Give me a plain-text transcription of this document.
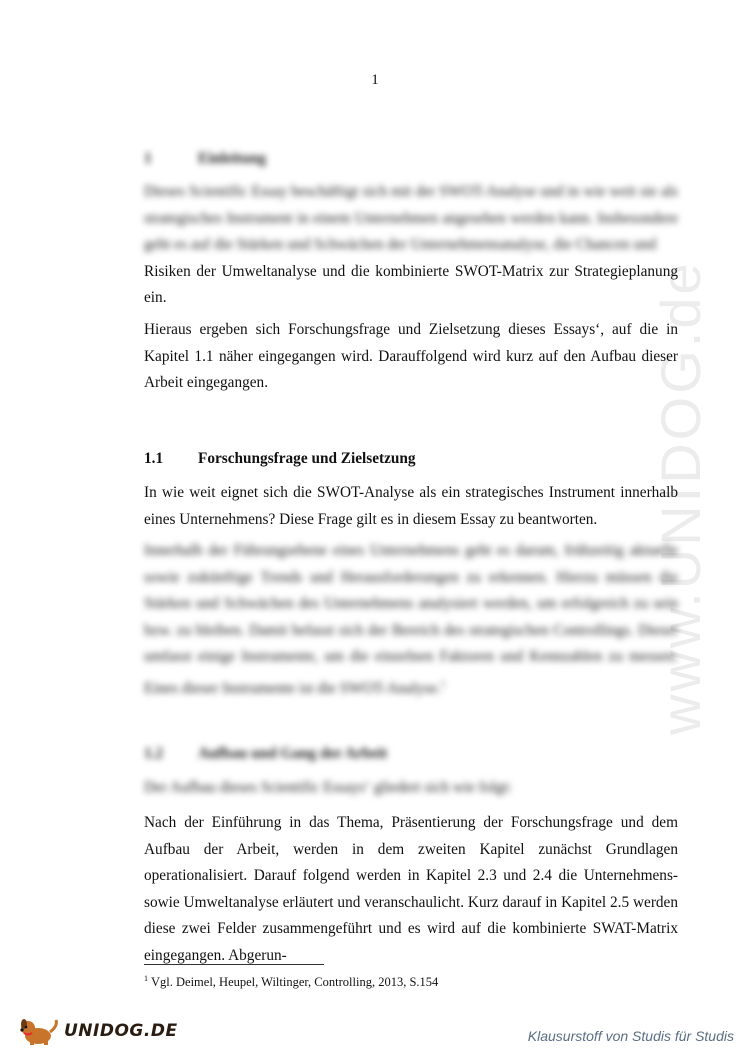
www.UNIDOG.de
1
1	Einleitung

Dieses Scientific Essay beschäftigt sich mit der SWOT-Analyse und in wie weit sie als strategisches Instrument in einem Unternehmen angesehen werden kann. Insbesondere geht es auf die Stärken und Schwächen der Unternehmensanalyse, die Chancen und

Risiken der Umweltanalyse und die kombinierte SWOT-Matrix zur Strategieplanung ein.

Hieraus ergeben sich Forschungsfrage und Zielsetzung dieses Essays‘, auf die in Kapitel 1.1 näher eingegangen wird. Darauffolgend wird kurz auf den Aufbau dieser Arbeit eingegangen.

1.1 Forschungsfrage und Zielsetzung

In wie weit eignet sich die SWOT-Analyse als ein strategisches Instrument innerhalb eines Unternehmens? Diese Frage gilt es in diesem Essay zu beantworten.

Innerhalb der Führungsebene eines Unternehmens geht es darum, frühzeitig aktuelle sowie zukünftige Trends und Herausforderungen zu erkennen. Hierzu müssen die Stärken und Schwächen des Unternehmens analysiert werden, um erfolgreich zu sein bzw. zu bleiben. Damit befasst sich der Bereich des strategischen Controllings. Dieser umfasst einige Instrumente, um die einzelnen Faktoren und Kennzahlen zu messen. Eines dieser Instrumente ist die SWOT-Analyse.$^1$

1.2 Aufbau und Gang der Arbeit

Der Aufbau dieses Scientific Essays‘ gliedert sich wie folgt:

Nach der Einführung in das Thema, Präsentierung der Forschungsfrage und dem Aufbau der Arbeit, werden in dem zweiten Kapitel zunächst Grundlagen operationalisiert. Darauf folgend werden in Kapitel 2.3 und 2.4 die Unternehmens- sowie Umweltanalyse erläutert und veranschaulicht. Kurz darauf in Kapitel 2.5 werden diese zwei Felder zusammengeführt und es wird auf die kombinierte SWAT-Matrix eingegangen. Abgerun-

$^1$ Vgl. Deimel, Heupel, Wiltinger, Controlling, 2013, S.154
UNIDOG.DE	Klausurstoff von Studis für Studis
